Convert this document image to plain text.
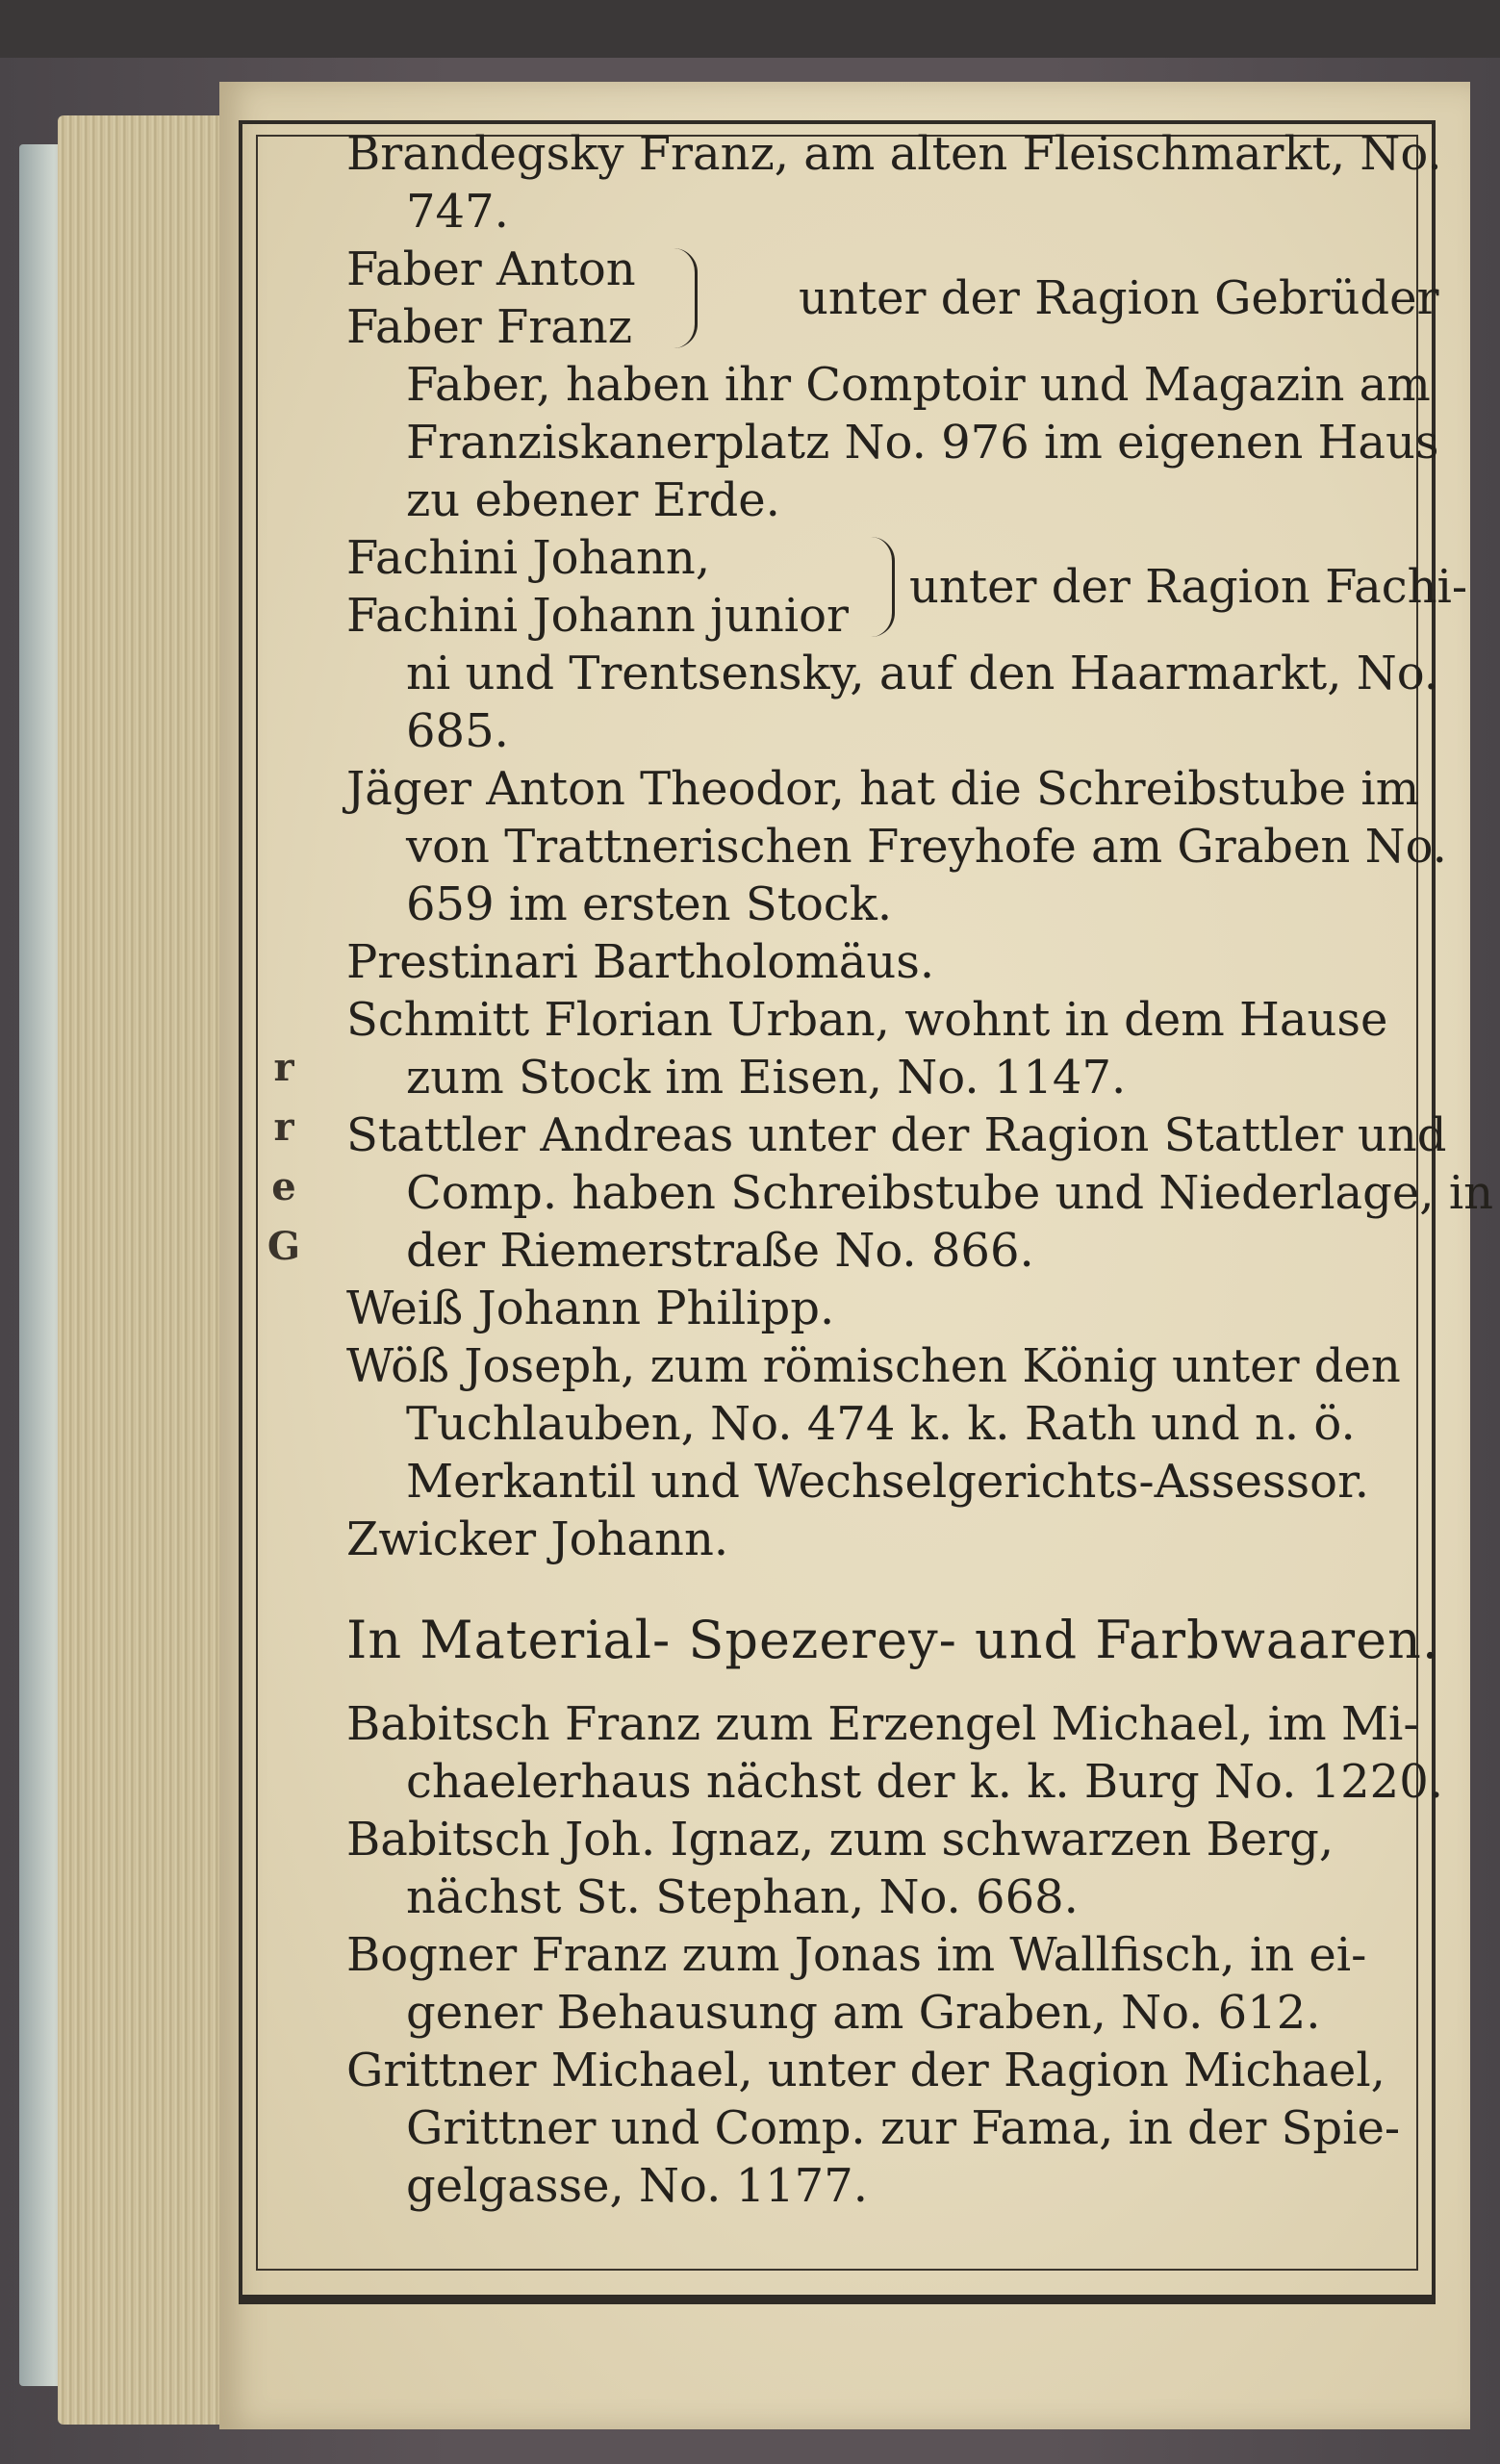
r
r
e
G
Brandegsky Franz, am alten Fleischmarkt, No.
747.
Faber Anton
Faber Franz
unter der Ragion Gebrüder
Faber, haben ihr Comptoir und Magazin am
Franziskanerplatz No. 976 im eigenen Haus
zu ebener Erde.
Fachini Johann,
Fachini Johann junior
unter der Ragion Fachi-
ni und Trentsensky, auf den Haarmarkt, No.
685.
Jäger Anton Theodor, hat die Schreibstube im
von Trattnerischen Freyhofe am Graben No.
659 im ersten Stock.
Prestinari Bartholomäus.
Schmitt Florian Urban, wohnt in dem Hause
zum Stock im Eisen, No. 1147.
Stattler Andreas unter der Ragion Stattler und
Comp. haben Schreibstube und Niederlage, in
der Riemerstraße No. 866.
Weiß Johann Philipp.
Wöß Joseph, zum römischen König unter den
Tuchlauben, No. 474 k. k. Rath und n. ö.
Merkantil und Wechselgerichts-Assessor.
Zwicker Johann.
In Material- Spezerey- und Farbwaaren.
Babitsch Franz zum Erzengel Michael, im Mi-
chaelerhaus nächst der k. k. Burg No. 1220.
Babitsch Joh. Ignaz, zum schwarzen Berg,
nächst St. Stephan, No. 668.
Bogner Franz zum Jonas im Wallfisch, in ei-
gener Behausung am Graben, No. 612.
Grittner Michael, unter der Ragion Michael,
Grittner und Comp. zur Fama, in der Spie-
gelgasse, No. 1177.
